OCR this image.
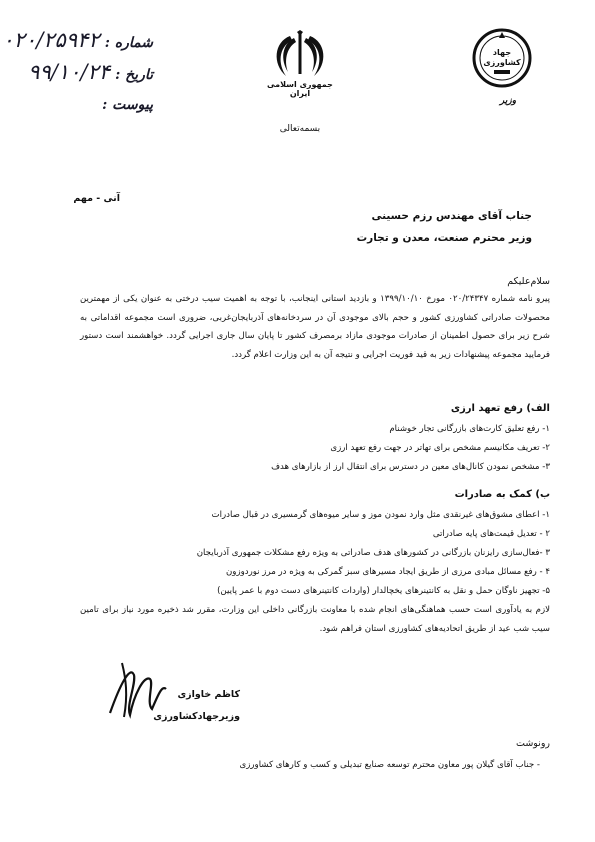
شماره : ۰۲۰/۲۵۹۴۲
تاریخ : ۹۹/۱۰/۲۴
پیوست :
جمهوری اسلامی ایران
جهاد کشاورزی
وزیر
بسمه‌تعالی
آنی - مهم
جناب آقای مهندس رزم حسینی
وزیر محترم صنعت، معدن و تجارت
سلام‌علیکم
پیرو نامه شماره ۰۲۰/۲۴۳۴۷ مورخ ۱۳۹۹/۱۰/۱۰ و بازدید استانی اینجانب، با توجه به اهمیت سیب درختی به عنوان یکی از مهمترین محصولات صادراتی کشاورزی کشور و حجم بالای موجودی آن در سردخانه‌های آذربایجان‌غربی، ضروری است مجموعه اقداماتی به شرح زیر برای حصول اطمینان از صادرات موجودی مازاد برمصرف کشور تا پایان سال جاری اجرایی گردد. خواهشمند است دستور فرمایید مجموعه پیشنهادات زیر به قید فوریت اجرایی و نتیجه آن به این وزارت اعلام گردد.
الف) رفع تعهد ارزی
۱- رفع تعلیق کارت‌های بازرگانی تجار خوشنام
۲- تعریف مکانیسم مشخص برای تهاتر در جهت رفع تعهد ارزی
۳- مشخص نمودن کانال‌های معین در دسترس برای انتقال ارز از بازارهای هدف
ب) کمک به صادرات
۱- اعطای مشوق‌های غیرنقدی مثل وارد نمودن موز و سایر میوه‌های گرمسیری در قبال صادرات
۲ - تعدیل قیمت‌های پایه صادراتی
۳ -فعال‌سازی رایزنان بازرگانی در کشورهای هدف صادراتی به ویژه رفع مشکلات جمهوری آذربایجان
۴ - رفع مسائل مبادی مرزی از طریق ایجاد مسیرهای سبز گمرکی به ویژه در مرز نوردوزون
۵- تجهیز ناوگان حمل و نقل به کانتینرهای یخچالدار (واردات کانتینرهای دست دوم با عمر پایین)
لازم به یادآوری است حسب هماهنگی‌های انجام شده با معاونت بازرگانی داخلی این وزارت، مقرر شد ذخیره مورد نیاز برای تامین سیب شب عید از طریق اتحادیه‌های کشاورزی استان فراهم شود.
کاظم خاوازی
وزیرجهادکشاورزی
رونوشت
- جناب آقای گیلان پور معاون محترم توسعه صنایع تبدیلی و کسب و کارهای کشاورزی
